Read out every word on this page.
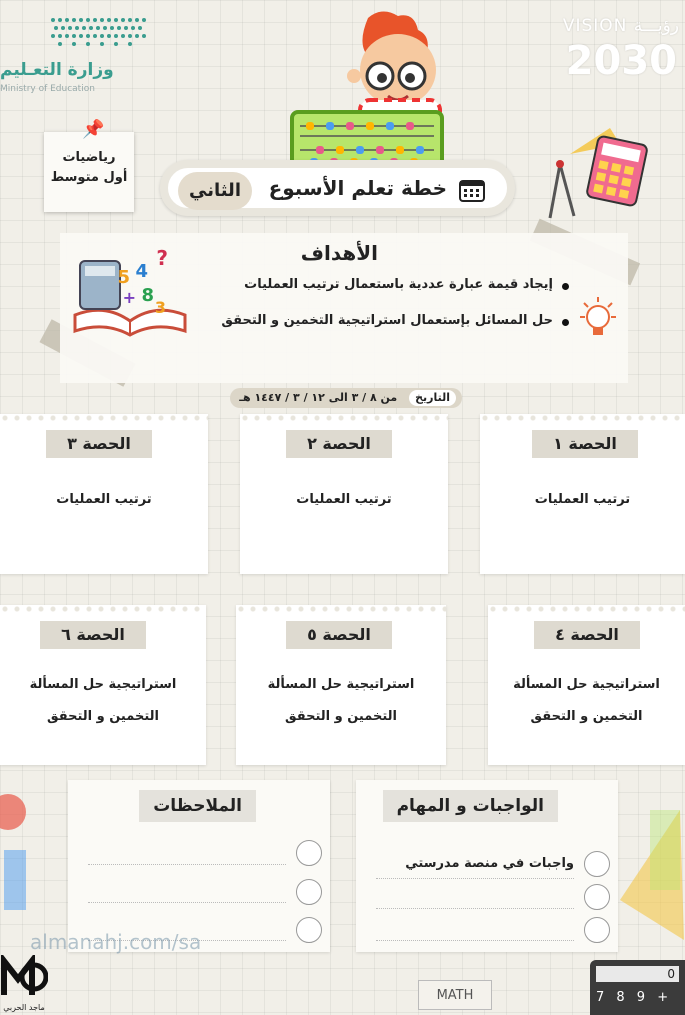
وزارة التعـليم
Ministry of Education
VISION رؤيـــة
2030
📌
رياضيات
أول متوسط	خطة تعلم الأسبوع
الثاني
الأهداف
إيجاد قيمة عبارة عددية باستعمال ترتيب العمليات
حل المسائل بإستعمال استراتيجية التخمين و التحقق
5 4
?
8
3
+
التاريخ من ٨ / ٣ الى ١٢ / ٣ / ١٤٤٧ هـ
الحصة ١
ترتيب العمليات
الحصة ٢
ترتيب العمليات
الحصة ٣
ترتيب العمليات
الحصة ٤
استراتيجية حل المسألة
التخمين و التحقق
الحصة ٥
استراتيجية حل المسألة
التخمين و التحقق
الحصة ٦
استراتيجية حل المسألة
التخمين و التحقق
الواجبات و المهام
واجبات في منصة مدرستي
الملاحظات
almanahj.com/sa
ماجد الحربي
MATH
0
7 8 9 +
